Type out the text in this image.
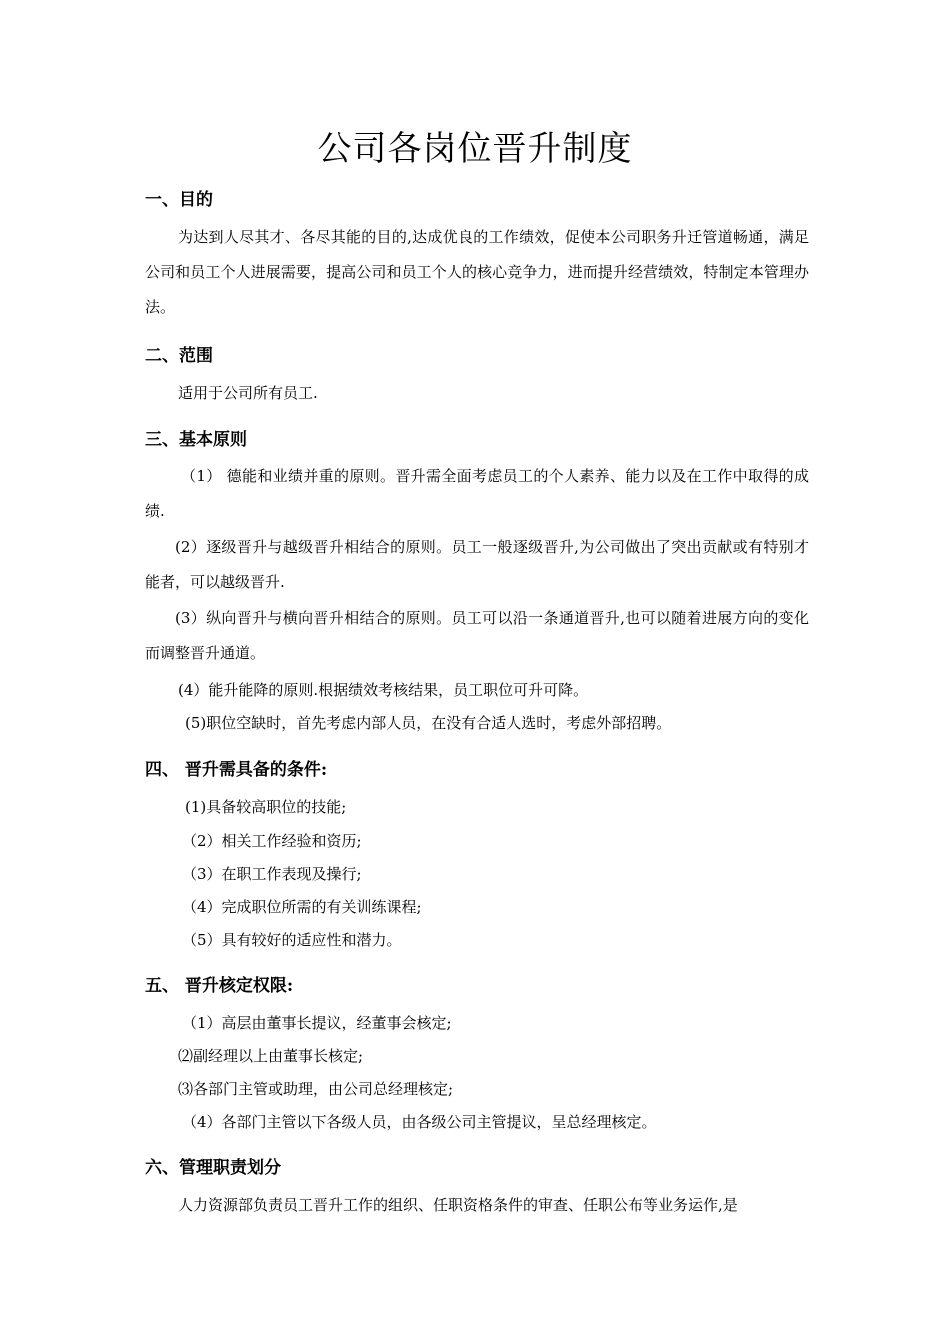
公司各岗位晋升制度
一、目的

为达到人尽其才、各尽其能的目的,达成优良的工作绩效，促使本公司职务升迁管道畅通，满足公司和员工个人进展需要，提高公司和员工个人的核心竞争力，进而提升经营绩效，特制定本管理办法。

二、范围

适用于公司所有员工.

三、基本原则

（1） 德能和业绩并重的原则。晋升需全面考虑员工的个人素养、能力以及在工作中取得的成绩.

(2）逐级晋升与越级晋升相结合的原则。员工一般逐级晋升,为公司做出了突出贡献或有特别才能者，可以越级晋升.

(3）纵向晋升与横向晋升相结合的原则。员工可以沿一条通道晋升,也可以随着进展方向的变化而调整晋升通道。

(4）能升能降的原则.根据绩效考核结果，员工职位可升可降。
(5)职位空缺时，首先考虑内部人员，在没有合适人选时，考虑外部招聘。
四、 晋升需具备的条件:
(1)具备较高职位的技能;
（2）相关工作经验和资历;
（3）在职工作表现及操行;
（4）完成职位所需的有关训练课程;
（5）具有较好的适应性和潜力。
五、 晋升核定权限:
（1）高层由董事长提议，经董事会核定;
⑵副经理以上由董事长核定;
⑶各部门主管或助理，由公司总经理核定;
（4）各部门主管以下各级人员，由各级公司主管提议，呈总经理核定。
六、管理职责划分

人力资源部负责员工晋升工作的组织、任职资格条件的审查、任职公布等业务运作,是
